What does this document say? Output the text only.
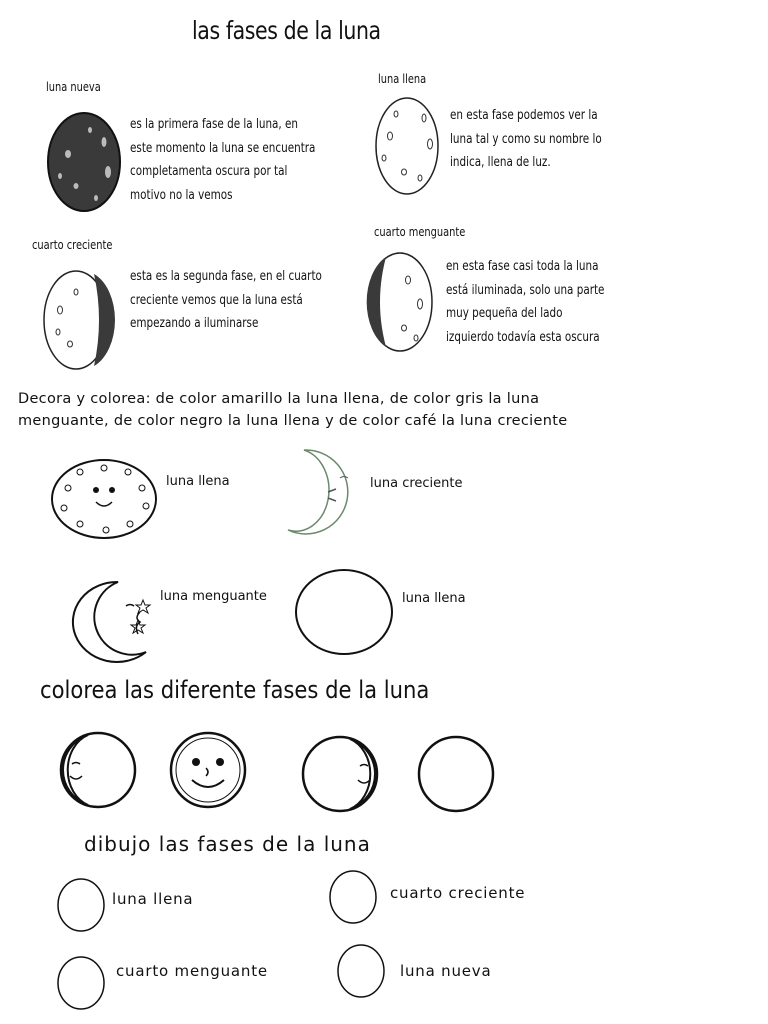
las fases de la luna
luna nueva
es la primera fase de la luna, en
este momento la luna se encuentra
completamenta oscura por tal
motivo no la vemos
luna llena
en esta fase podemos ver la
luna tal y como su nombre lo
indica, llena de luz.
cuarto creciente
esta es la segunda fase, en el cuarto
creciente vemos que la luna está
empezando a iluminarse
cuarto menguante
en esta fase casi toda la luna
está iluminada, solo una parte
muy pequeña del lado
izquierdo todavía esta oscura
Decora y colorea: de color amarillo la luna llena, de color gris la luna
menguante, de color negro la luna llena y de color café la luna creciente
luna llena	luna creciente
luna menguante	luna llena
colorea las diferente fases de la luna
dibujo las fases de la luna
luna llena	cuarto creciente
cuarto menguante	luna nueva
